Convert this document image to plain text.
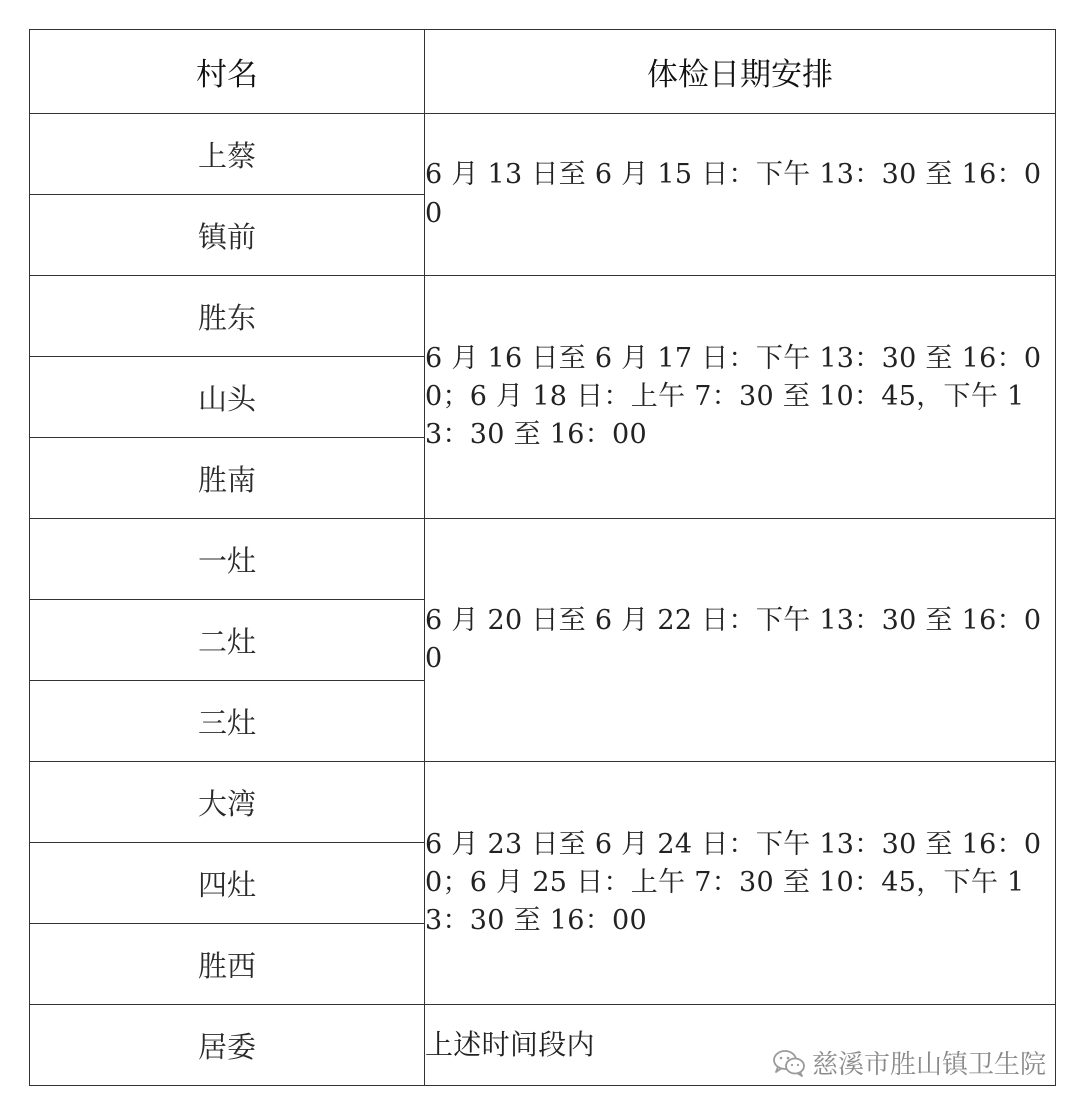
村名	体检日期安排
上蔡	6 月 13 日至 6 月 15 日：下午 13：30 至 16：00

镇前	
胜东	6 月 16 日至 6 月 17 日：下午 13：30 至 16：00；6 月 18 日：上午 7：30 至 10：45，下午 13：30 至 16：00

山头	
胜南	
一灶	6 月 20 日至 6 月 22 日：下午 13：30 至 16：00

二灶	
三灶	
大湾	6 月 23 日至 6 月 24 日：下午 13：30 至 16：00；6 月 25 日：上午 7：30 至 10：45，下午 13：30 至 16：00

四灶	
胜西	
居委	上述时间段内
慈溪市胜山镇卫生院
